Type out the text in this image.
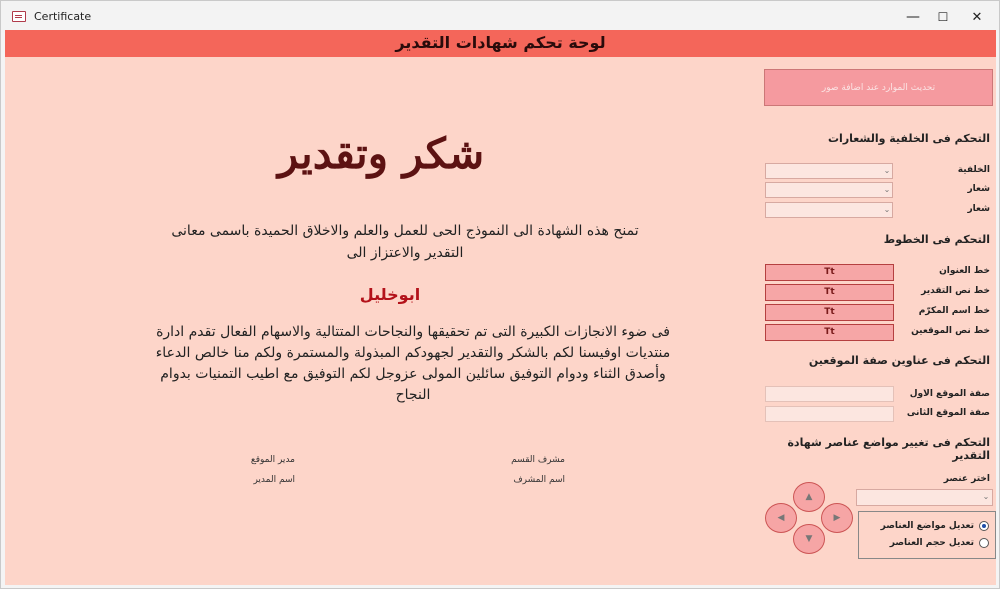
Certificate	—	☐	✕
لوحة تحكم شهادات التقدير
شكر وتقدير
تمنح هذه الشهادة الى النموذج الحى للعمل والعلم والاخلاق الحميدة باسمى معانى التقدير والاعتزاز الى
ابوخليل
فى ضوء الانجازات الكبيرة التى تم تحقيقها والنجاحات المتتالية والاسهام الفعال تقدم ادارة منتديات اوفيسنا لكم بالشكر والتقدير لجهودكم المبذولة والمستمرة ولكم منا خالص الدعاء وأصدق الثناء ودوام التوفيق سائلين المولى عزوجل لكم التوفيق مع اطيب التمنيات بدوام النجاح
مدير الموقع
اسم المدير
مشرف القسم
اسم المشرف
تحديث الموارد عند اضافة صور
التحكم فى الخلفية والشعارات
الخلفية
⌄
شعار
⌄
شعار
⌄
التحكم فى الخطوط
خط العنوان
Tt
خط نص التقدير
Tt
خط اسم المكرّم
Tt
خط نص الموقعين
Tt
التحكم فى عناوين صفة الموقعين
صفة الموقع الاول
صفة الموقع الثانى
التحكم فى تغيير مواضع عناصر شهادة التقدير
اختر عنصر
⌄
▲
◀	▶
▼
تعديل مواضع العناصر
تعديل حجم العناصر
